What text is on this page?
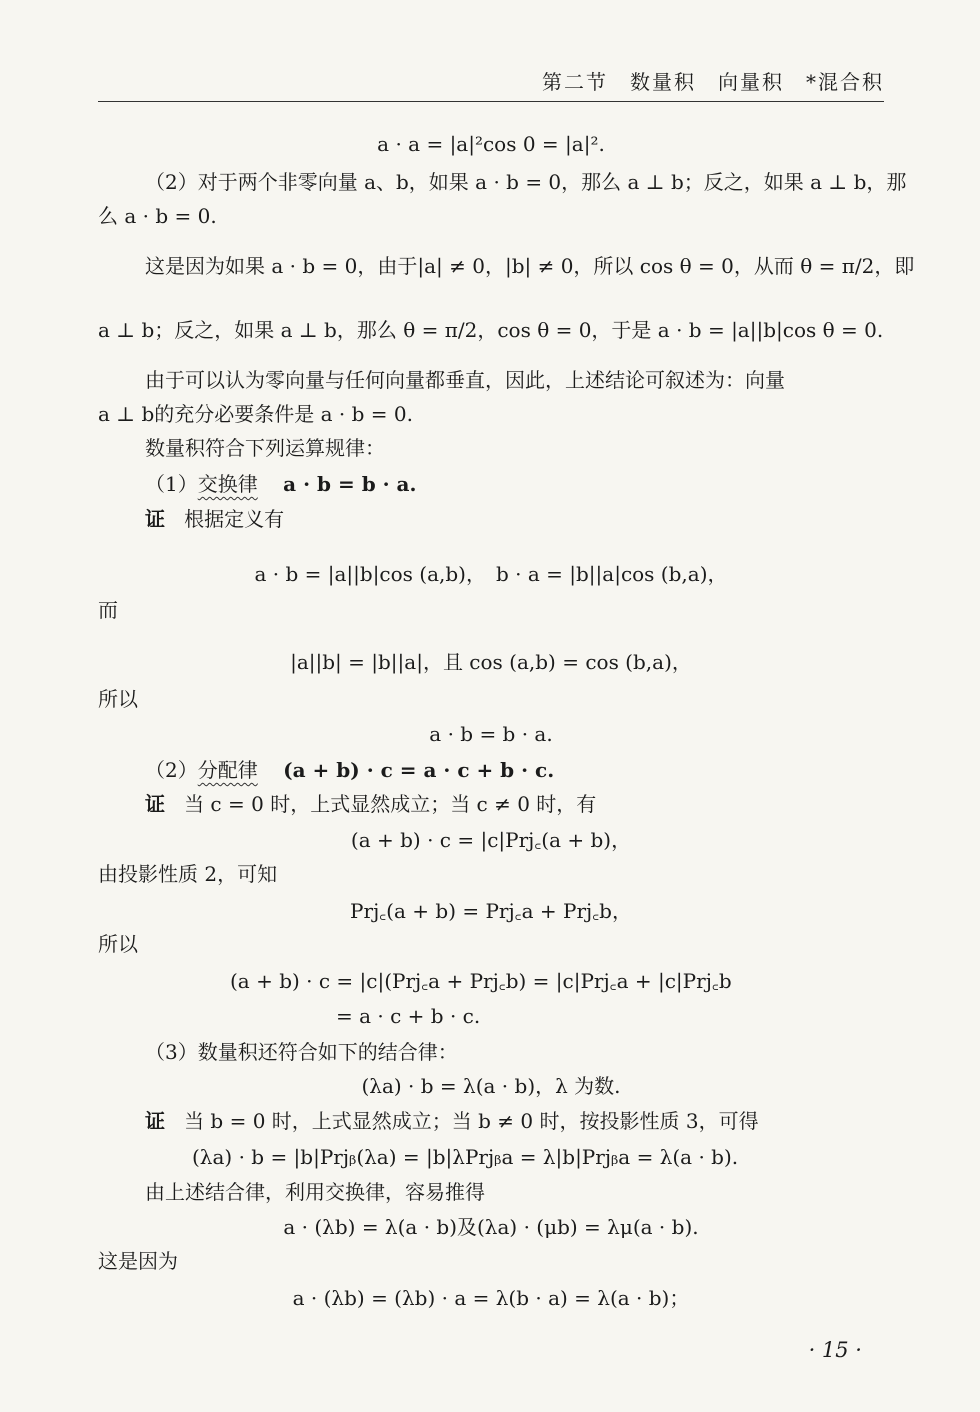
第二节　数量积　向量积　*混合积
a · a = |a|²cos 0 = |a|².
（2）对于两个非零向量 a、b，如果 a · b = 0，那么 a ⊥ b；反之，如果 a ⊥ b，那
么 a · b = 0.
这是因为如果 a · b = 0，由于|a| ≠ 0，|b| ≠ 0，所以 cos θ = 0，从而 θ = π/2，即
a ⊥ b；反之，如果 a ⊥ b，那么 θ = π/2，cos θ = 0，于是 a · b = |a||b|cos θ = 0.
由于可以认为零向量与任何向量都垂直，因此，上述结论可叙述为：向量
a ⊥ b的充分必要条件是 a · b = 0.
数量积符合下列运算规律：
（1）交换律 a · b = b · a.
证 根据定义有
a · b = |a||b|cos (a,b)，　b · a = |b||a|cos (b,a)，
而
|a||b| = |b||a|，且 cos (a,b) = cos (b,a)，
所以
a · b = b · a.
（2）分配律 (a + b) · c = a · c + b · c.
证 当 c = 0 时，上式显然成立；当 c ≠ 0 时，有
(a + b) · c = |c|Prj꜀(a + b)，
由投影性质 2，可知
Prj꜀(a + b) = Prj꜀a + Prj꜀b，
所以
(a + b) · c = |c|(Prj꜀a + Prj꜀b) = |c|Prj꜀a + |c|Prj꜀b
= a · c + b · c.
（3）数量积还符合如下的结合律：
(λa) · b = λ(a · b)，λ 为数.
证 当 b = 0 时，上式显然成立；当 b ≠ 0 时，按投影性质 3，可得
(λa) · b = |b|Prjᵦ(λa) = |b|λPrjᵦa = λ|b|Prjᵦa = λ(a · b).
由上述结合律，利用交换律，容易推得
a · (λb) = λ(a · b)及(λa) · (μb) = λμ(a · b).
这是因为
a · (λb) = (λb) · a = λ(b · a) = λ(a · b)；
· 15 ·
